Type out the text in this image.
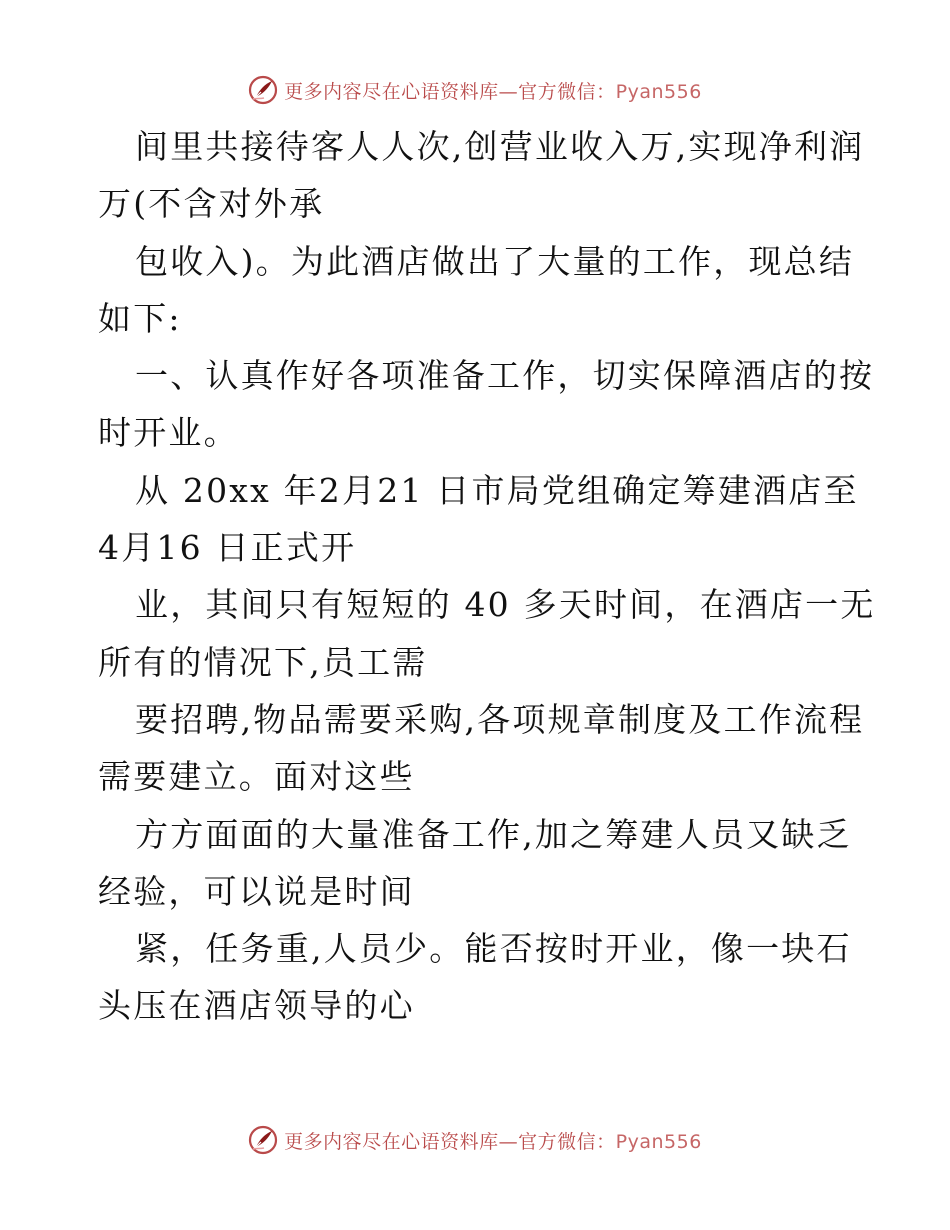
更多内容尽在心语资料库—官方微信：Pyan556
间里共接待客人人次,创营业收入万,实现净利润
万(不含对外承
包收入)。为此酒店做出了大量的工作，现总结
如下:
一、认真作好各项准备工作，切实保障酒店的按
时开业。
从 20xx 年2月21 日市局党组确定筹建酒店至
4月16 日正式开
业，其间只有短短的 40 多天时间，在酒店一无
所有的情况下,员工需
要招聘,物品需要采购,各项规章制度及工作流程
需要建立。面对这些
方方面面的大量准备工作,加之筹建人员又缺乏
经验，可以说是时间
紧，任务重,人员少。能否按时开业，像一块石
头压在酒店领导的心
更多内容尽在心语资料库—官方微信：Pyan556
